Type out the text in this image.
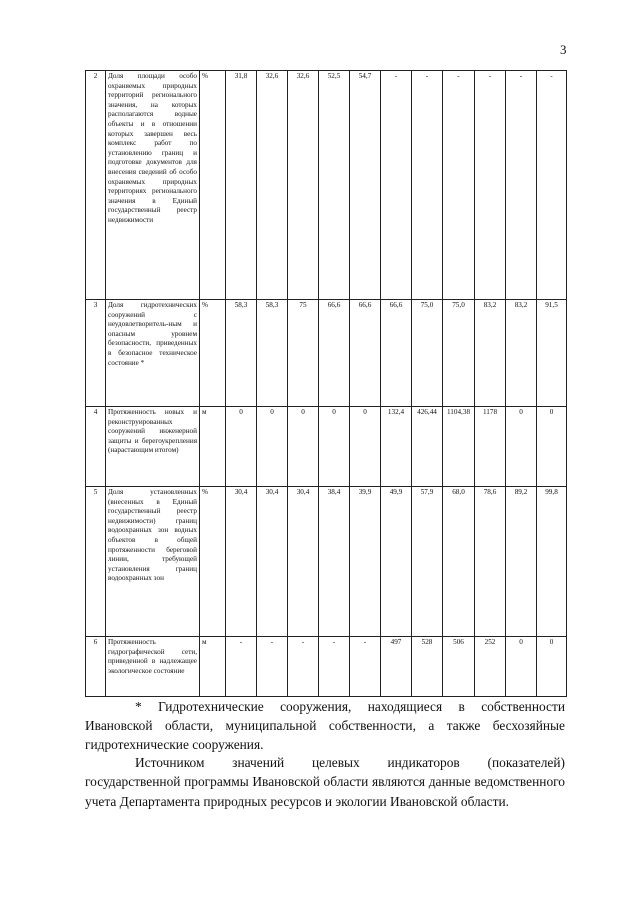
3
2	Доля площади особо охраняемых природных территорий регионального значения, на которых располагаются водные объекты и в отношении которых завершен весь комплекс работ по установлению границ и подготовке документов для внесения сведений об особо охраняемых природных территориях регионального значения в Единый государственный реестр недвижимости	%	31,8	32,6	32,6	52,5	54,7	-	-	-	-	-	-
3	Доля гидротехнических сооружений с неудовлетворитель-ным и опасным уровнем безопасности, приведенных в безопасное техническое состояние *	%	58,3	58,3	75	66,6	66,6	66,6	75,0	75,0	83,2	83,2	91,5
4	Протяженность новых и реконструированных сооружений инженерной защиты и берегоукрепления (нарастающим итогом)	м	0	0	0	0	0	132,4	426,44	1104,38	1178	0	0
5	Доля установленных (внесенных в Единый государственный реестр недвижимости) границ водоохранных зон водных объектов в общей протяженности береговой линии, требующей установления границ водоохранных зон	%	30,4	30,4	30,4	38,4	39,9	49,9	57,9	68,0	78,6	89,2	99,8
6	Протяженность гидрографической сети, приведенной в надлежащее экологическое состояние	м	-	-	-	-	-	497	528	506	252	0	0

* Гидротехнические сооружения, находящиеся в собственности Ивановской области, муниципальной собственности, а также бесхозяйные гидротехнические сооружения.

Источником значений целевых индикаторов (показателей) государственной программы Ивановской области являются данные ведомственного учета Департамента природных ресурсов и экологии Ивановской области.
